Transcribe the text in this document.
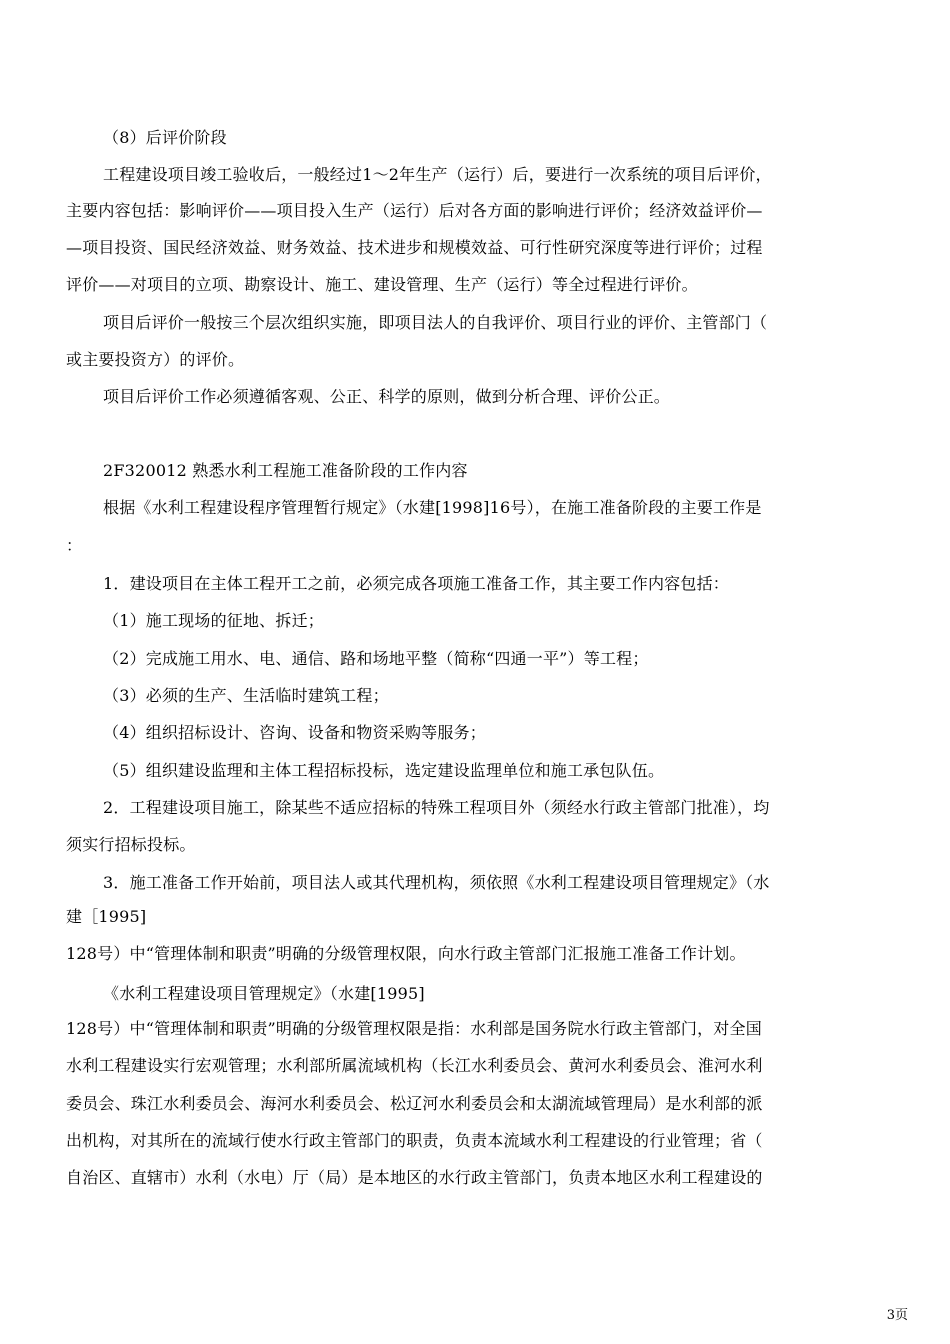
（8）后评价阶段
工程建设项目竣工验收后，一般经过1～2年生产（运行）后，要进行一次系统的项目后评价，
主要内容包括：影响评价——项目投入生产（运行）后对各方面的影响进行评价；经济效益评价—
—项目投资、国民经济效益、财务效益、技术进步和规模效益、可行性研究深度等进行评价；过程
评价——对项目的立项、勘察设计、施工、建设管理、生产（运行）等全过程进行评价。
项目后评价一般按三个层次组织实施，即项目法人的自我评价、项目行业的评价、主管部门（
或主要投资方）的评价。
项目后评价工作必须遵循客观、公正、科学的原则，做到分析合理、评价公正。
2F320012 熟悉水利工程施工准备阶段的工作内容
根据《水利工程建设程序管理暂行规定》（水建[1998]16号），在施工准备阶段的主要工作是
：
1．建设项目在主体工程开工之前，必须完成各项施工准备工作，其主要工作内容包括：
（1）施工现场的征地、拆迁；
（2）完成施工用水、电、通信、路和场地平整（简称“四通一平”）等工程；
（3）必须的生产、生活临时建筑工程；
（4）组织招标设计、咨询、设备和物资采购等服务；
（5）组织建设监理和主体工程招标投标，选定建设监理单位和施工承包队伍。
2．工程建设项目施工，除某些不适应招标的特殊工程项目外（须经水行政主管部门批准），均
须实行招标投标。
3．施工准备工作开始前，项目法人或其代理机构，须依照《水利工程建设项目管理规定》（水
建［1995]
128号）中“管理体制和职责”明确的分级管理权限，向水行政主管部门汇报施工准备工作计划。
《水利工程建设项目管理规定》（水建[1995]
128号）中“管理体制和职责”明确的分级管理权限是指：水利部是国务院水行政主管部门，对全国
水利工程建设实行宏观管理；水利部所属流域机构（长江水利委员会、黄河水利委员会、淮河水利
委员会、珠江水利委员会、海河水利委员会、松辽河水利委员会和太湖流域管理局）是水利部的派
出机构，对其所在的流域行使水行政主管部门的职责，负责本流域水利工程建设的行业管理；省（
自治区、直辖市）水利（水电）厅（局）是本地区的水行政主管部门，负责本地区水利工程建设的
3页
